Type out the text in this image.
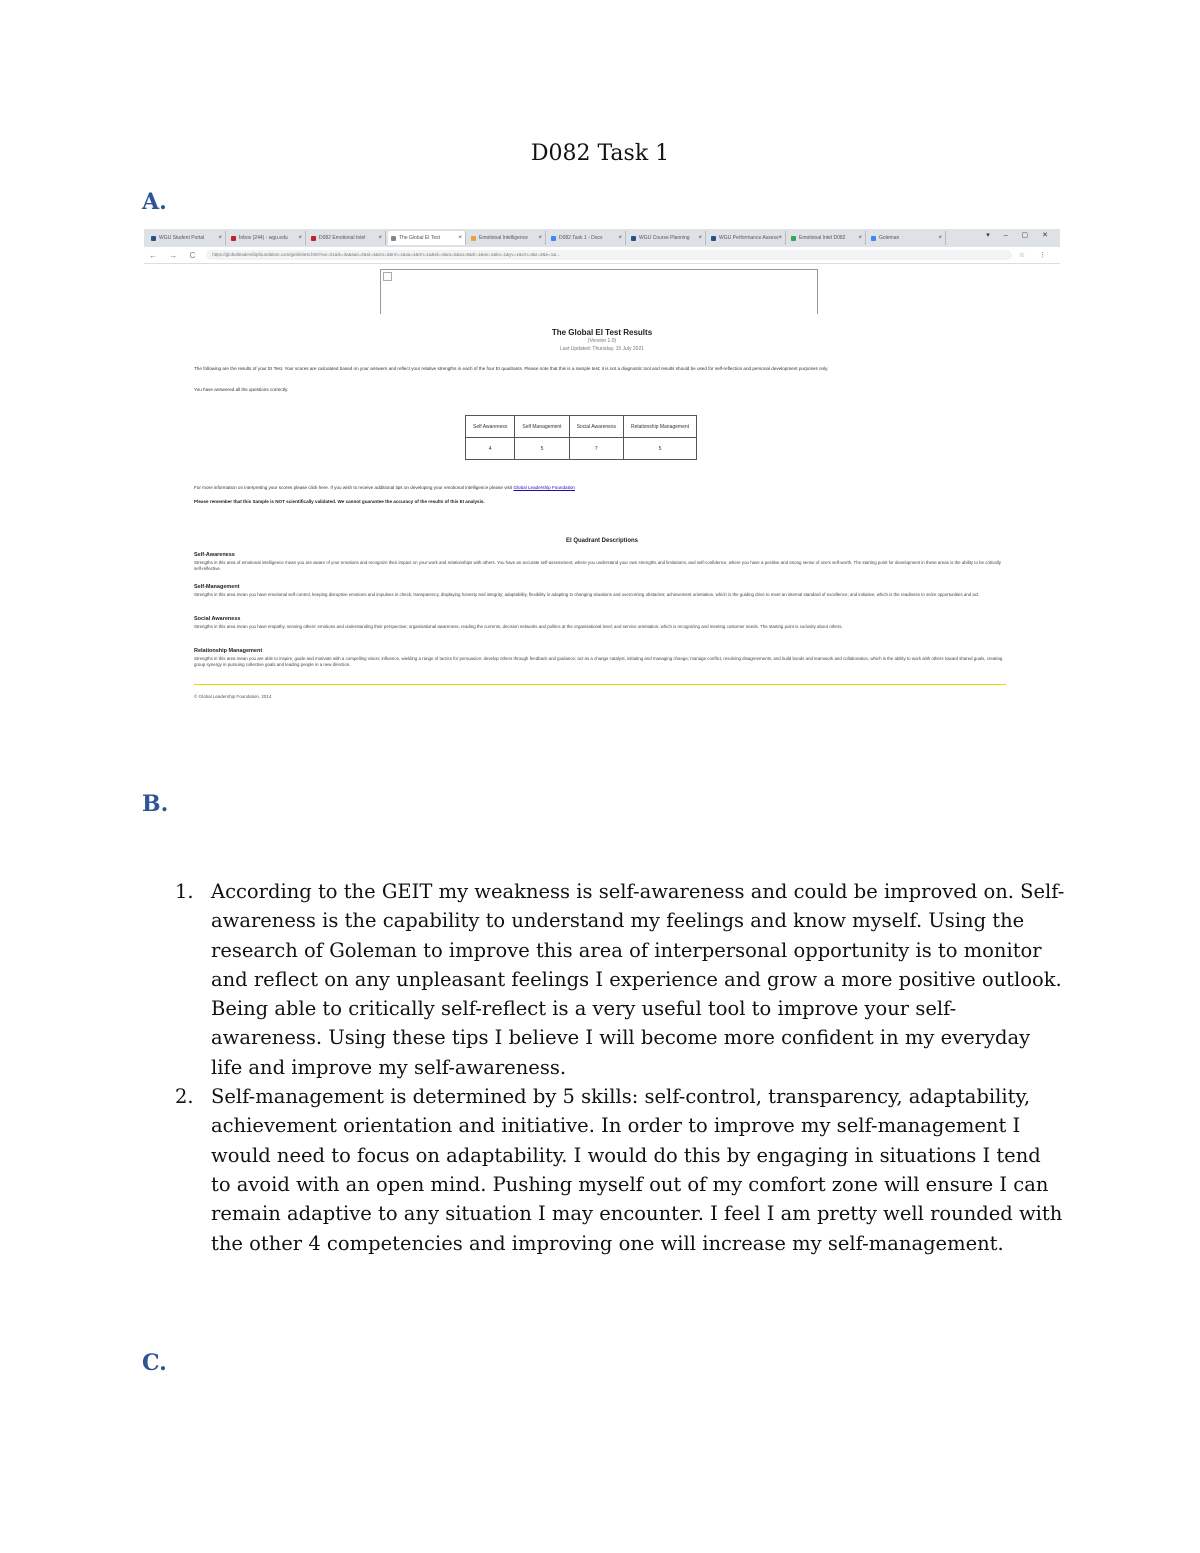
D082 Task 1
A.
WGU Student Portal ×	Inbox (244) - wgu.edu ×	D082 Emotional Intel ×	The Global EI Test	×	Emotional Intelligence ×	D082 Task 1 - Docs	×	WGU Course Planning ×	WGU Performance Assess ×	Emotional Intel D082 ×	Goleman	×	▾ – ▢ ✕
← → C	https://globalleadershipfoundation.com/geit/eitest.html?ue=31&ls=3a&sas=2&sl=4&sm=3&rm=1&sa=4&rm=1a&sk=4&ra=2&sa=5&sl=1&se=1&kn=1&yv=1&cm=3&r=3&e=1&...	☆ ⋮
The Global EI Test Results
(Version 1.0)
Last Updated: Thursday, 15 July 2021
The following are the results of your EI Test. Your scores are calculated based on your answers and reflect your relative strengths in each of the four EI quadrants. Please note that this is a sample test; it is not a diagnostic tool and results should be used for self-reflection and personal development purposes only.
You have answered all the questions correctly.
Self Awareness	Self Management	Social Awareness	Relationship Management
4	5	7	5
For more information on interpreting your scores please click here. If you wish to receive additional tips on developing your emotional intelligence please visit Global Leadership Foundation
Please remember that this Sample is NOT scientifically validated. We cannot guarantee the accuracy of the results of this EI analysis.
EI Quadrant Descriptions
Self-Awareness
Strengths in this area of emotional intelligence mean you are aware of your emotions and recognize their impact on your work and relationships with others. You have an accurate self-assessment, where you understand your own strengths and limitations, and self-confidence, where you have a positive and strong sense of one's self-worth. The starting point for development in these areas is the ability to be critically self-reflective.
Self-Management
Strengths in this area mean you have emotional self-control, keeping disruptive emotions and impulses in check; transparency, displaying honesty and integrity; adaptability, flexibility in adapting to changing situations and overcoming obstacles; achievement orientation, which is the guiding drive to meet an internal standard of excellence; and initiative, which is the readiness to seize opportunities and act.
Social Awareness
Strengths in this area mean you have empathy, sensing others' emotions and understanding their perspective; organisational awareness, reading the currents, decision networks and politics at the organisational level; and service orientation, which is recognizing and meeting customer needs. The starting point is curiosity about others.
Relationship Management
Strengths in this area mean you are able to inspire, guide and motivate with a compelling vision; influence, wielding a range of tactics for persuasion; develop others through feedback and guidance; act as a change catalyst, initiating and managing change; manage conflict, resolving disagreements; and build bonds and teamwork and collaboration, which is the ability to work with others toward shared goals, creating group synergy in pursuing collective goals and leading people in a new direction.
© Global Leadership Foundation, 2014
B.
1. According to the GEIT my weakness is self-awareness and could be improved on. Self-awareness is the capability to understand my feelings and know myself. Using the research of Goleman to improve this area of interpersonal opportunity is to monitor and reflect on any unpleasant feelings I experience and grow a more positive outlook. Being able to critically self-reflect is a very useful tool to improve your self-awareness. Using these tips I believe I will become more confident in my everyday life and improve my self-awareness.
2. Self-management is determined by 5 skills: self-control, transparency, adaptability, achievement orientation and initiative. In order to improve my self-management I would need to focus on adaptability. I would do this by engaging in situations I tend to avoid with an open mind. Pushing myself out of my comfort zone will ensure I can remain adaptive to any situation I may encounter. I feel I am pretty well rounded with the other 4 competencies and improving one will increase my self-management.
C.
